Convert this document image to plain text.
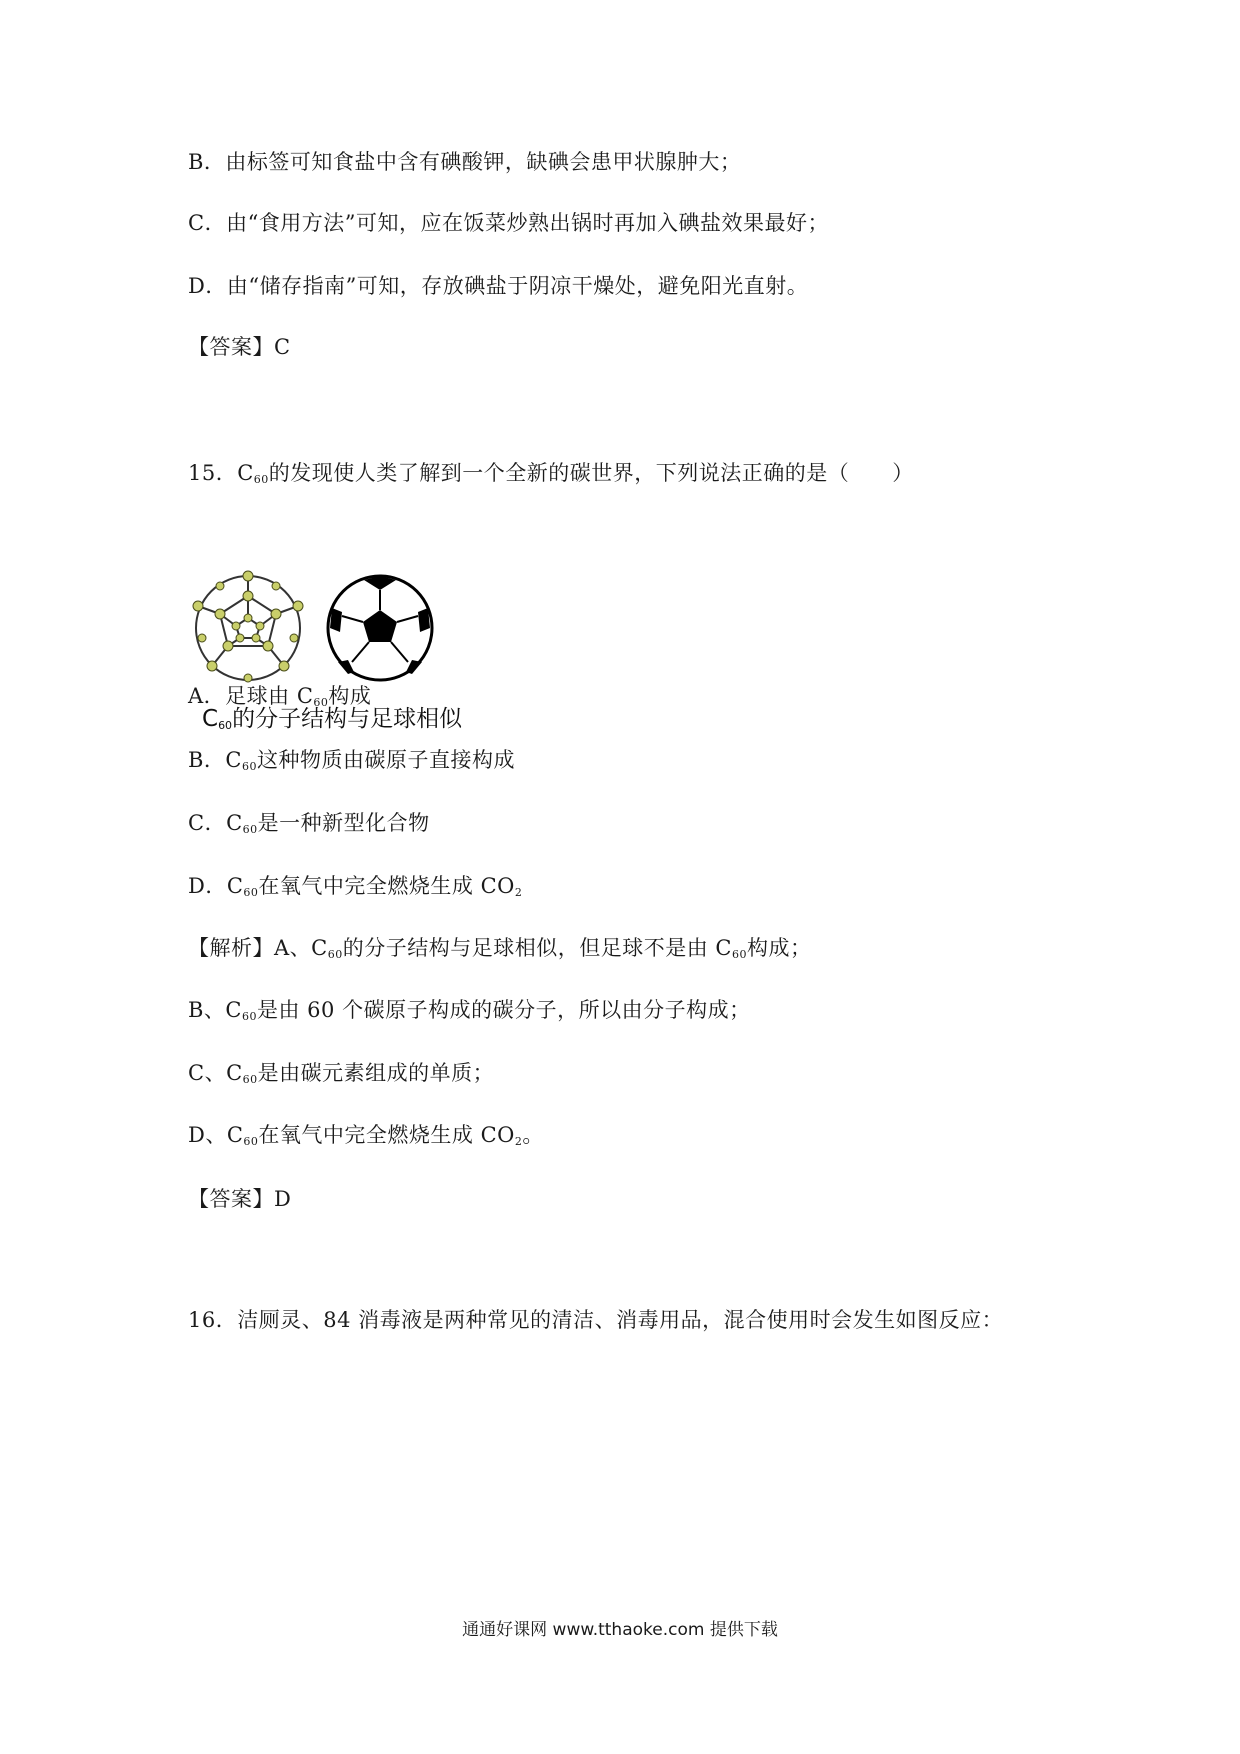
B．由标签可知食盐中含有碘酸钾，缺碘会患甲状腺肿大；
C．由“食用方法”可知，应在饭菜炒熟出锅时再加入碘盐效果最好；
D．由“储存指南”可知，存放碘盐于阴凉干燥处，避免阳光直射。
【答案】C
15．$C_{60}$的发现使人类了解到一个全新的碳世界，下列说法正确的是（　　）
$C_{60}$的分子结构与足球相似
A．足球由 $C_{60}$构成
B．$C_{60}$这种物质由碳原子直接构成
C．$C_{60}$是一种新型化合物
D．$C_{60}$在氧气中完全燃烧生成 $CO_2$
【解析】A、$C_{60}$的分子结构与足球相似，但足球不是由 $C_{60}$构成；
B、$C_{60}$是由 60 个碳原子构成的碳分子，所以由分子构成；
C、$C_{60}$是由碳元素组成的单质；
D、$C_{60}$在氧气中完全燃烧生成 $CO_2$。
【答案】D
16．洁厕灵、84 消毒液是两种常见的清洁、消毒用品，混合使用时会发生如图反应：
通通好课网 www.tthaoke.com 提供下载
